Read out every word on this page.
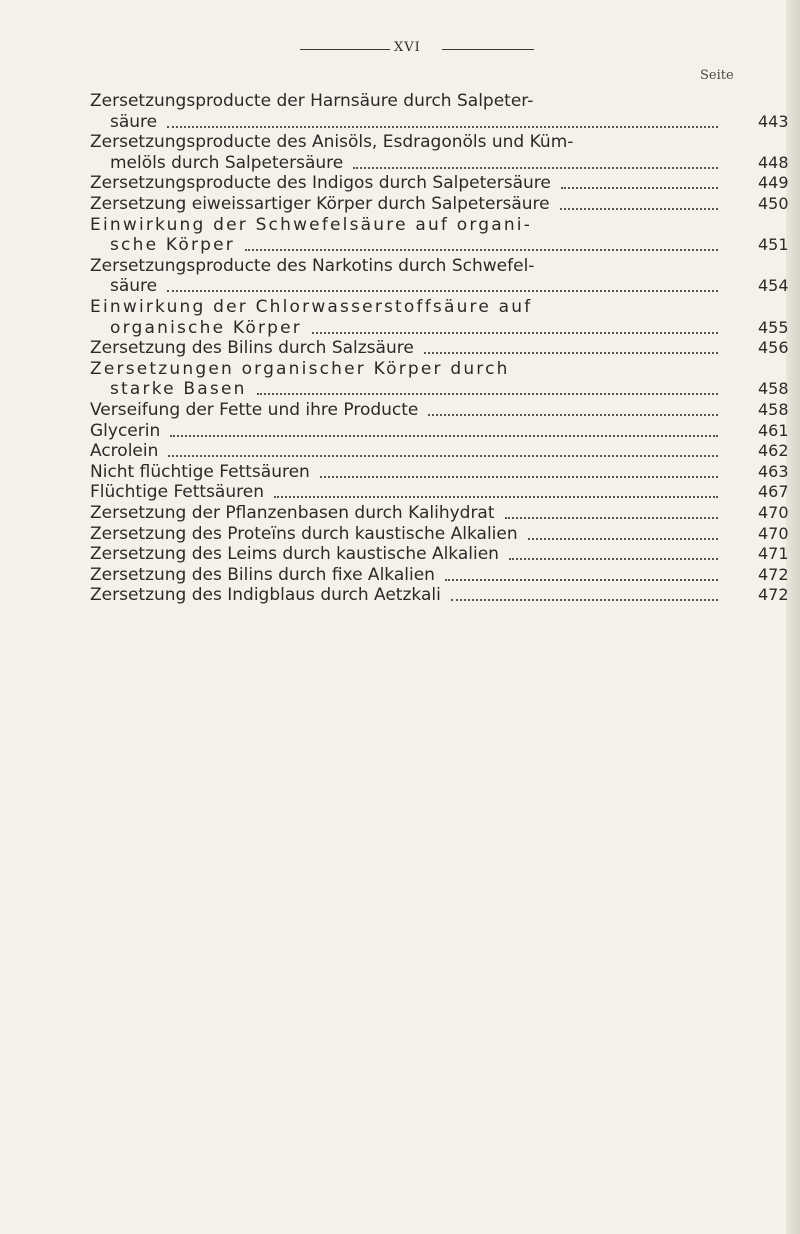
XVI
Seite
Zersetzungsproducte der Harnsäure durch Salpeter-
säure	443
Zersetzungsproducte des Anisöls, Esdragonöls und Küm-
melöls durch Salpetersäure	448
Zersetzungsproducte des Indigos durch Salpetersäure	449
Zersetzung eiweissartiger Körper durch Salpetersäure	450
Einwirkung der Schwefelsäure auf organi-
sche Körper	451
Zersetzungsproducte des Narkotins durch Schwefel-
säure	454
Einwirkung der Chlorwasserstoffsäure auf
organische Körper	455
Zersetzung des Bilins durch Salzsäure	456
Zersetzungen organischer Körper durch
starke Basen	458
Verseifung der Fette und ihre Producte	458
Glycerin	461
Acrolein	462
Nicht flüchtige Fettsäuren	463
Flüchtige Fettsäuren	467
Zersetzung der Pflanzenbasen durch Kalihydrat	470
Zersetzung des Proteïns durch kaustische Alkalien	470
Zersetzung des Leims durch kaustische Alkalien	471
Zersetzung des Bilins durch fixe Alkalien	472
Zersetzung des Indigblaus durch Aetzkali	472
